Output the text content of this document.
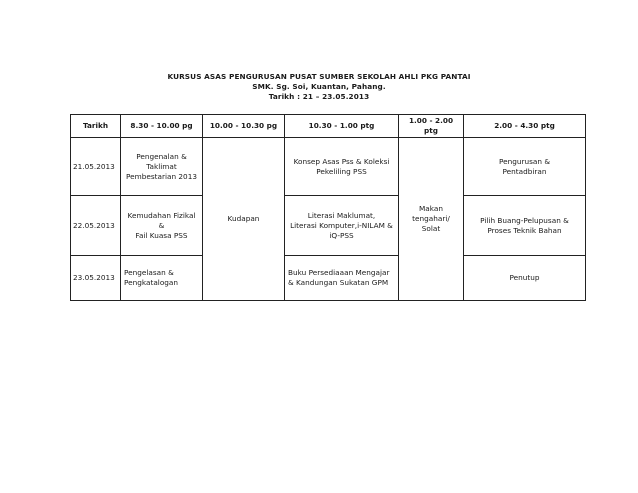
KURSUS ASAS PENGURUSAN PUSAT SUMBER SEKOLAH AHLI PKG PANTAI
SMK. Sg. Soi, Kuantan, Pahang.
Tarikh : 21 – 23.05.2013
Tarikh	8.30 - 10.00 pg	10.00 - 10.30 pg	10.30 - 1.00 ptg	1.00 - 2.00 ptg	2.00 - 4.30 ptg
21.05.2013	Pengenalan &
Taklimat
Pembestarian 2013	Kudapan	Konsep Asas Pss & Koleksi
Pekeliling PSS	Makan
tengahari/
Solat	Pengurusan &
Pentadbiran
22.05.2013	Kemudahan Fizikal
&
Fail Kuasa PSS		Literasi Maklumat,
Literasi Komputer,i-NILAM &
iQ-PSS		Pilih Buang-Pelupusan &
Proses Teknik Bahan
23.05.2013	Pengelasan &
Pengkatalogan		Buku Persediaaan Mengajar
& Kandungan Sukatan GPM		Penutup
